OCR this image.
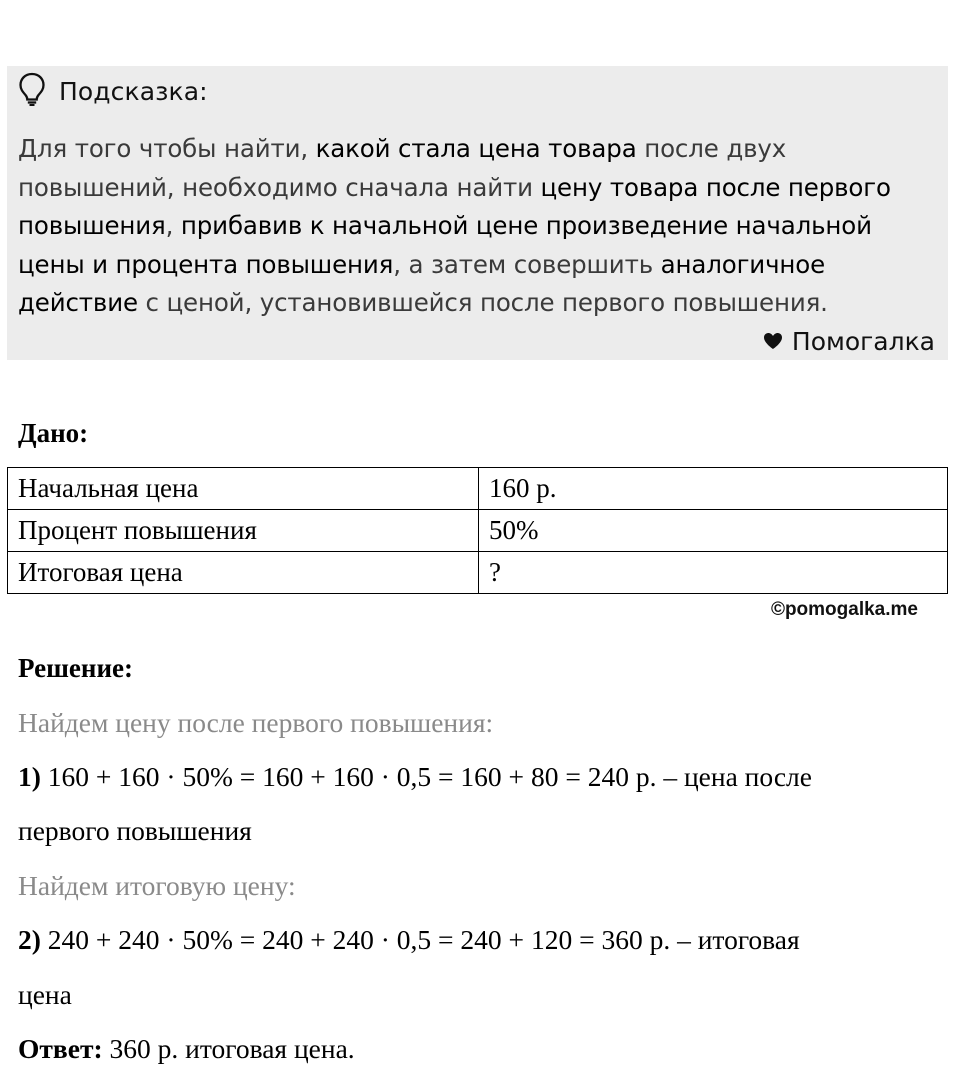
Подсказка:
Для того чтобы найти, какой стала цена товара после двух повышений, необходимо сначала найти цену товара после первого повышения, прибавив к начальной цене произведение начальной цены и процента повышения, а затем совершить аналогичное действие с ценой, установившейся после первого повышения.
Помогалка
Дано:
Начальная цена	160 р.
Процент повышения	50%
Итоговая цена	?
©pomogalka.me
Решение:
Найдем цену после первого повышения:
1) 160 + 160 · 50% = 160 + 160 · 0,5 = 160 + 80 = 240 р. – цена после
первого повышения
Найдем итоговую цену:
2) 240 + 240 · 50% = 240 + 240 · 0,5 = 240 + 120 = 360 р. – итоговая
цена
Ответ: 360 р. итоговая цена.
